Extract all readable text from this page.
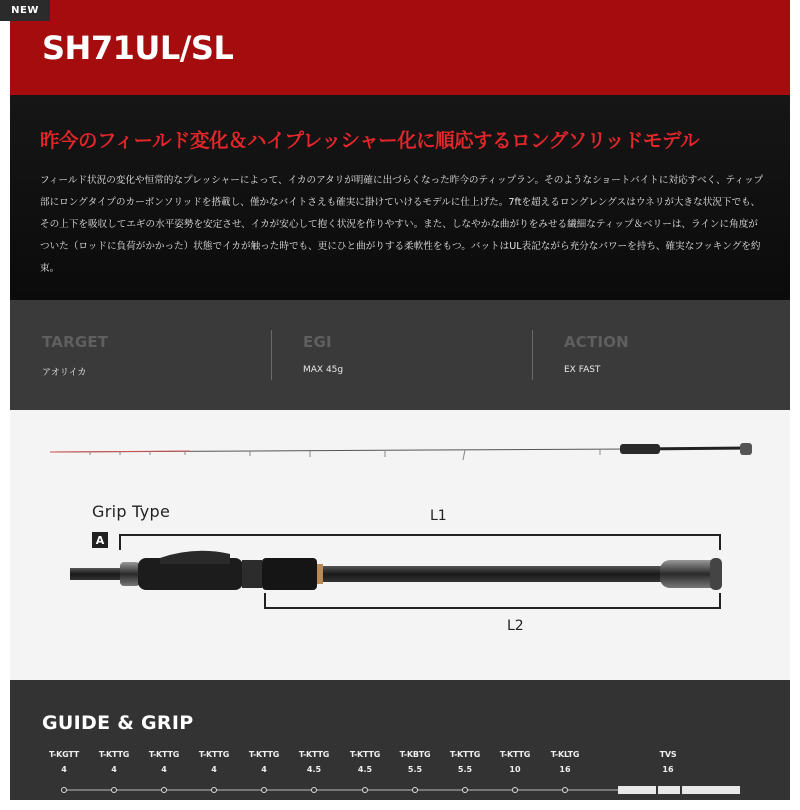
NEW
SH71UL/SL
昨今のフィールド変化＆ハイプレッシャー化に順応するロングソリッドモデル
フィールド状況の変化や恒常的なプレッシャーによって、イカのアタリが明確に出づらくなった昨今のティップラン。そのようなショートバイトに対応すべく、ティップ部にロングタイプのカーボンソリッドを搭載し、僅かなバイトさえも確実に掛けていけるモデルに仕上げた。7ftを超えるロングレングスはウネリが大きな状況下でも、その上下を吸収してエギの水平姿勢を安定させ、イカが安心して抱く状況を作りやすい。また、しなやかな曲がりをみせる繊細なティップ＆ベリーは、ラインに角度がついた（ロッドに負荷がかかった）状態でイカが触った時でも、更にひと曲がりする柔軟性をもつ。バットはUL表記ながら充分なパワーを持ち、確実なフッキングを約束。
TARGET
アオリイカ
EGI
MAX 45g
ACTION
EX FAST
Grip Type
A
L1
L2
GUIDE & GRIP
T-KGTT
4
T-KTTG
4
T-KTTG
4
T-KTTG
4
T-KTTG
4
T-KTTG
4.5
T-KTTG
4.5
T-KBTG
5.5
T-KTTG
5.5
T-KTTG
10
T-KLTG
16
TVS
16
